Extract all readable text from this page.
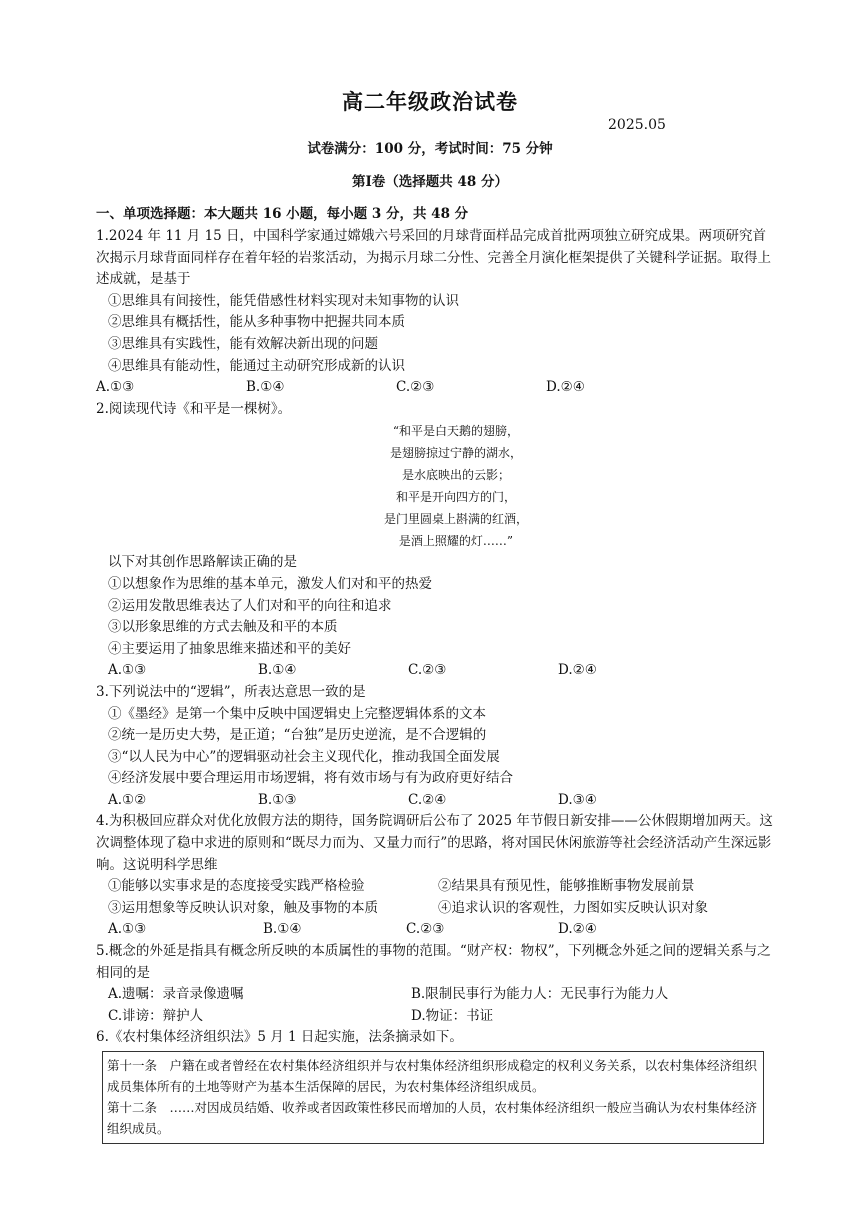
高二年级政治试卷
2025.05
试卷满分：100 分，考试时间：75 分钟
第Ⅰ卷（选择题共 48 分）
一、单项选择题：本大题共 16 小题，每小题 3 分，共 48 分
1.2024 年 11 月 15 日，中国科学家通过嫦娥六号采回的月球背面样品完成首批两项独立研究成果。两项研究首次揭示月球背面同样存在着年轻的岩浆活动，为揭示月球二分性、完善全月演化框架提供了关键科学证据。取得上述成就，是基于
①思维具有间接性，能凭借感性材料实现对未知事物的认识
②思维具有概括性，能从多种事物中把握共同本质
③思维具有实践性，能有效解决新出现的问题
④思维具有能动性，能通过主动研究形成新的认识
A.①③	B.①④	C.②③	D.②④
2.阅读现代诗《和平是一棵树》。
“和平是白天鹅的翅膀，
是翅膀掠过宁静的湖水，
是水底映出的云影；
和平是开向四方的门，
是门里圆桌上斟满的红酒，
是酒上照耀的灯……”
以下对其创作思路解读正确的是
①以想象作为思维的基本单元，激发人们对和平的热爱
②运用发散思维表达了人们对和平的向往和追求
③以形象思维的方式去触及和平的本质
④主要运用了抽象思维来描述和平的美好
A.①③	B.①④	C.②③	D.②④
3.下列说法中的“逻辑”，所表达意思一致的是
①《墨经》是第一个集中反映中国逻辑史上完整逻辑体系的文本
②统一是历史大势，是正道；“台独”是历史逆流，是不合逻辑的
③“以人民为中心”的逻辑驱动社会主义现代化，推动我国全面发展
④经济发展中要合理运用市场逻辑，将有效市场与有为政府更好结合
A.①②	B.①③	C.②④	D.③④
4.为积极回应群众对优化放假方法的期待，国务院调研后公布了 2025 年节假日新安排——公休假期增加两天。这次调整体现了稳中求进的原则和“既尽力而为、又量力而行”的思路，将对国民休闲旅游等社会经济活动产生深远影响。这说明科学思维
①能够以实事求是的态度接受实践严格检验	②结果具有预见性，能够推断事物发展前景
③运用想象等反映认识对象，触及事物的本质	④追求认识的客观性，力图如实反映认识对象
A.①③	B.①④	C.②③	D.②④
5.概念的外延是指具有概念所反映的本质属性的事物的范围。“财产权：物权”，下列概念外延之间的逻辑关系与之相同的是
A.遗嘱：录音录像遗嘱	B.限制民事行为能力人：无民事行为能力人
C.诽谤：辩护人	D.物证：书证
6.《农村集体经济组织法》5 月 1 日起实施，法条摘录如下。
第十一条　户籍在或者曾经在农村集体经济组织并与农村集体经济组织形成稳定的权利义务关系，以农村集体经济组织成员集体所有的土地等财产为基本生活保障的居民，为农村集体经济组织成员。
第十二条　……对因成员结婚、收养或者因政策性移民而增加的人员，农村集体经济组织一般应当确认为农村集体经济组织成员。
